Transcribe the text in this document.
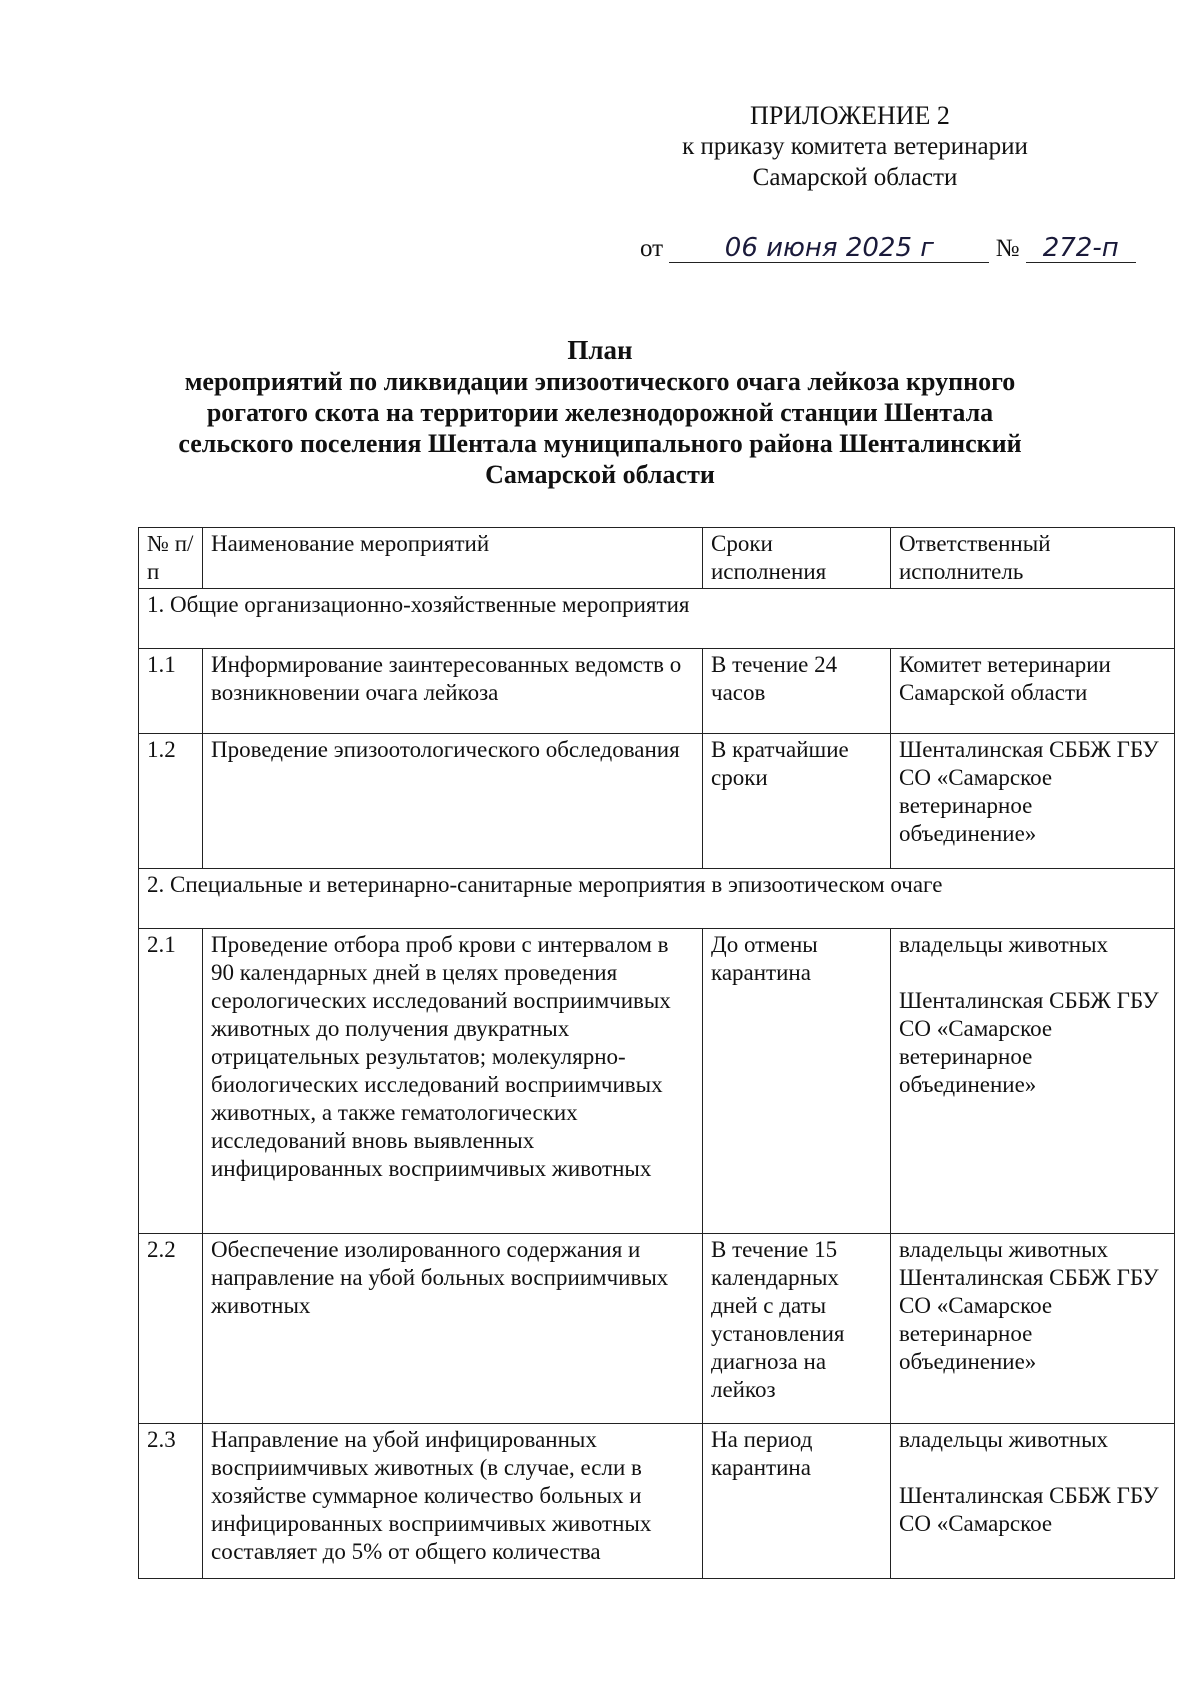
ПРИЛОЖЕНИЕ 2
к приказу комитета ветеринарии
Самарской области
от 06 июня 2025 г № 272-п
План
мероприятий по ликвидации эпизоотического очага лейкоза крупного
рогатого скота на территории железнодорожной станции Шентала
сельского поселения Шентала муниципального района Шенталинский
Самарской области
№ п/п	Наименование мероприятий	Сроки исполнения	Ответственный исполнитель
1. Общие организационно-хозяйственные мероприятия			
1.1	Информирование заинтересованных ведомств о возникновении очага лейкоза	В течение 24 часов	Комитет ветеринарии Самарской области
1.2	Проведение эпизоотологического обследования	В кратчайшие сроки	Шенталинская СББЖ ГБУ СО «Самарское ветеринарное объединение»
2. Специальные и ветеринарно-санитарные мероприятия в эпизоотическом очаге			
2.1	Проведение отбора проб крови с интервалом в 90 календарных дней в целях проведения серологических исследований восприимчивых животных до получения двукратных отрицательных результатов; молекулярно-биологических исследований восприимчивых животных, а также гематологических исследований вновь выявленных инфицированных восприимчивых животных	До отмены карантина	владельцы животных
Шенталинская СББЖ ГБУ СО «Самарское ветеринарное объединение»

2.2	Обеспечение изолированного содержания и направление на убой больных восприимчивых животных	В течение 15 календарных дней с даты установления диагноза на лейкоз	владельцы животных
Шенталинская СББЖ ГБУ СО «Самарское ветеринарное объединение»

2.3	Направление на убой инфицированных восприимчивых животных (в случае, если в хозяйстве суммарное количество больных и инфицированных восприимчивых животных составляет до 5% от общего количества	На период карантина	владельцы животных
Шенталинская СББЖ ГБУ СО «Самарское
